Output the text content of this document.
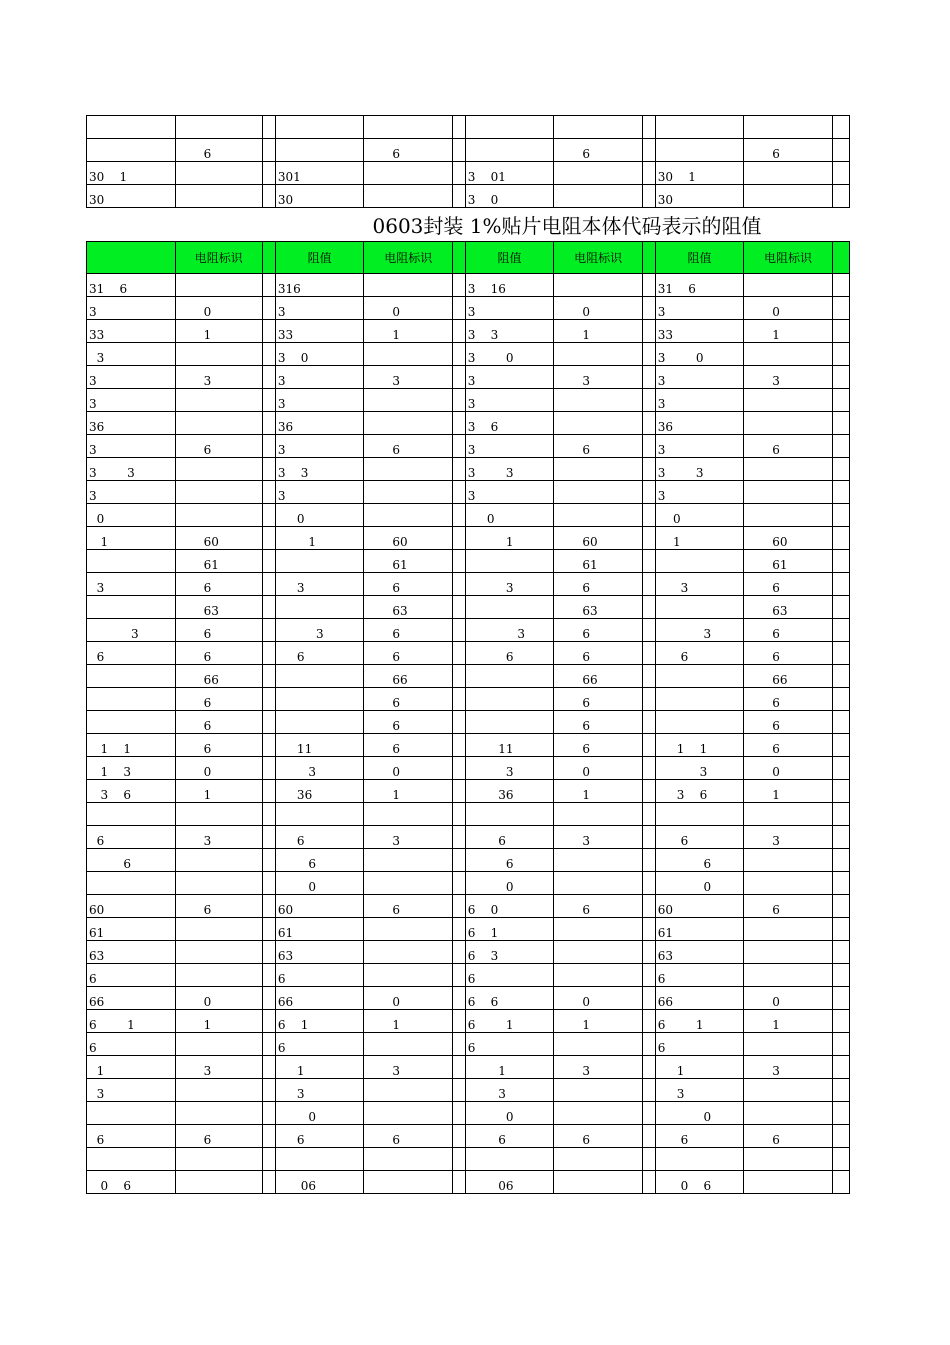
	6			6			6			6	
30    1			301			3    01			30    1		
30			30			3    0			30		
0603封装 1%贴片电阻本体代码表示的阻值											
	电阻标识		阻值	电阻标识		阻值	电阻标识		阻值	电阻标识	
31    6			316			3    16			31    6		
3	0		3	0		3	0		3	0	
33	1		33	1		3    3	1		33	1	
3			3    0			3        0			3        0		
3	3		3	3		3	3		3	3	
3			3			3			3		
36			36			3    6			36		
3	6		3	6		3	6		3	6	
3        3			3    3			3        3			3        3		
3			3			3			3		
0			0			0			0		
1	60		1	60		1	60		1	60	
	61			61			61			61	
3	6		3	6		3	6		3	6	
	63			63			63			63	
3	6		3	6		3	6		3	6	
6	6		6	6		6	6		6	6	
	66			66			66			66	
	6			6			6			6	
	6			6			6			6	
1    1	6		11	6		11	6		1    1	6	
1    3	0		3	0		3	0		3	0	
3    6	1		36	1		36	1		3    6	1	

6	3		6	3		6	3		6	3	
6			6			6			6		
			0			0			0		
60	6		60	6		6    0	6		60	6	
61			61			6    1			61		
63			63			6    3			63		
6			6			6			6		
66	0		66	0		6    6	0		66	0	
6        1	1		6    1	1		6        1	1		6        1	1	
6			6			6			6		
1	3		1	3		1	3		1	3	
3			3			3			3		
			0			0			0		
6	6		6	6		6	6		6	6	

0    6			06			06			0    6		
